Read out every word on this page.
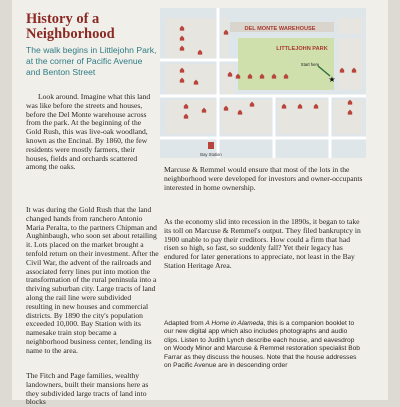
History of a Neighborhood

The walk begins in Littlejohn Park, at the corner of Pacific Avenue and Benton Street

Look around. Imagine what this land was like before the streets and houses, before the Del Monte warehouse across from the park. At the beginning of the Gold Rush, this was live-oak woodland, known as the Encinal. By 1860, the few residents were mostly farmers, their houses, fields and orchards scattered among the oaks.

It was during the Gold Rush that the land changed hands from ranchero Antonio Maria Peralta, to the partners Chipman and Aughinbaugh, who soon set about retailing it. Lots placed on the market brought a tenfold return on their investment. After the Civil War, the advent of the railroads and associated ferry lines put into motion the transformation of the rural peninsula into a thriving suburban city. Large tracts of land along the rail line were subdivided resulting in new houses and commercial districts. By 1890 the city's population exceeded 10,000. Bay Station with its namesake train stop became a neighborhood business center, lending its name to the area.

The Fitch and Page families, wealthy landowners, built their mansions here as they subdivided large tracts of land into blocks

Marcuse & Remmel would ensure that most of the lots in the neighborhood were developed for investors and owner-occupants interested in home ownership.

As the economy slid into recession in the 1890s, it began to take its toll on Marcuse & Remmel's output. They filed bankruptcy in 1900 unable to pay their creditors. How could a firm that had risen so high, so fast, so suddenly fall? Yet their legacy has endured for later generations to appreciate, not least in the Bay Station Heritage Area.

Adapted from A Home in Alameda, this is a companion booklet to our new digital app which also includes photographs and audio clips. Listen to Judith Lynch describe each house, and eavesdrop on Woody Minor and Marcuse & Remmel restoration specialist Bob Farrar as they discuss the houses. Note that the house addresses on Pacific Avenue are in descending order

DEL MONTE WAREHOUSE
LITTLEJOHN PARK
Start here
★
Bay Station
